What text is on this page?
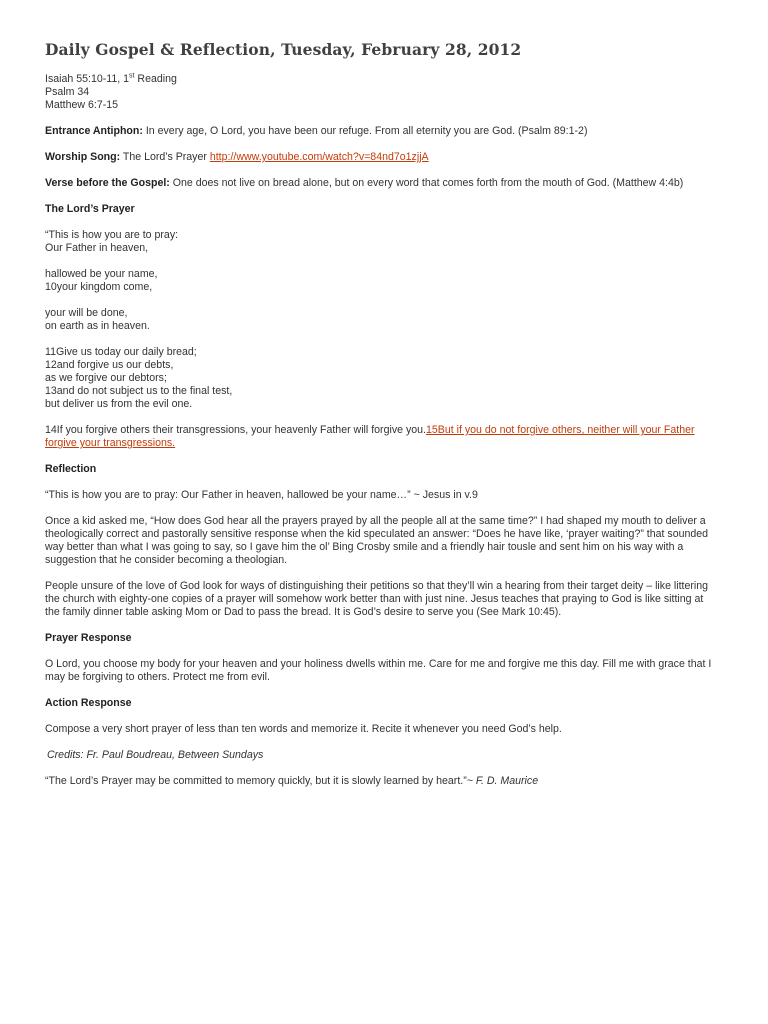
Daily Gospel & Reflection, Tuesday, February 28, 2012

Isaiah 55:10-11, 1st Reading

Psalm 34

Matthew 6:7-15

Entrance Antiphon: In every age, O Lord, you have been our refuge. From all eternity you are God. (Psalm 89:1-2)

Worship Song: The Lord’s Prayer http://www.youtube.com/watch?v=84nd7o1zjjA

Verse before the Gospel: One does not live on bread alone, but on every word that comes forth from the mouth of God. (Matthew 4:4b)

The Lord’s Prayer

“This is how you are to pray:

Our Father in heaven,

hallowed be your name,

10your kingdom come,

your will be done,

on earth as in heaven.

11Give us today our daily bread;

12and forgive us our debts,

as we forgive our debtors;

13and do not subject us to the final test,

but deliver us from the evil one.

14If you forgive others their transgressions, your heavenly Father will forgive you.15But if you do not forgive others, neither will your Father forgive your transgressions.

Reflection

“This is how you are to pray: Our Father in heaven, hallowed be your name…” ~ Jesus in v.9

Once a kid asked me, “How does God hear all the prayers prayed by all the people all at the same time?” I had shaped my mouth to deliver a theologically correct and pastorally sensitive response when the kid speculated an answer: “Does he have like, ‘prayer waiting?” that sounded way better than what I was going to say, so I gave him the ol’ Bing Crosby smile and a friendly hair tousle and sent him on his way with a suggestion that he consider becoming a theologian.

People unsure of the love of God look for ways of distinguishing their petitions so that they’ll win a hearing from their target deity – like littering the church with eighty-one copies of a prayer will somehow work better than with just nine. Jesus teaches that praying to God is like sitting at the family dinner table asking Mom or Dad to pass the bread. It is God’s desire to serve you (See Mark 10:45).

Prayer Response

O Lord, you choose my body for your heaven and your holiness dwells within me. Care for me and forgive me this day. Fill me with grace that I may be forgiving to others. Protect me from evil.

Action Response

Compose a very short prayer of less than ten words and memorize it. Recite it whenever you need God’s help.

Credits: Fr. Paul Boudreau, Between Sundays

“The Lord’s Prayer may be committed to memory quickly, but it is slowly learned by heart.”~ F. D. Maurice
